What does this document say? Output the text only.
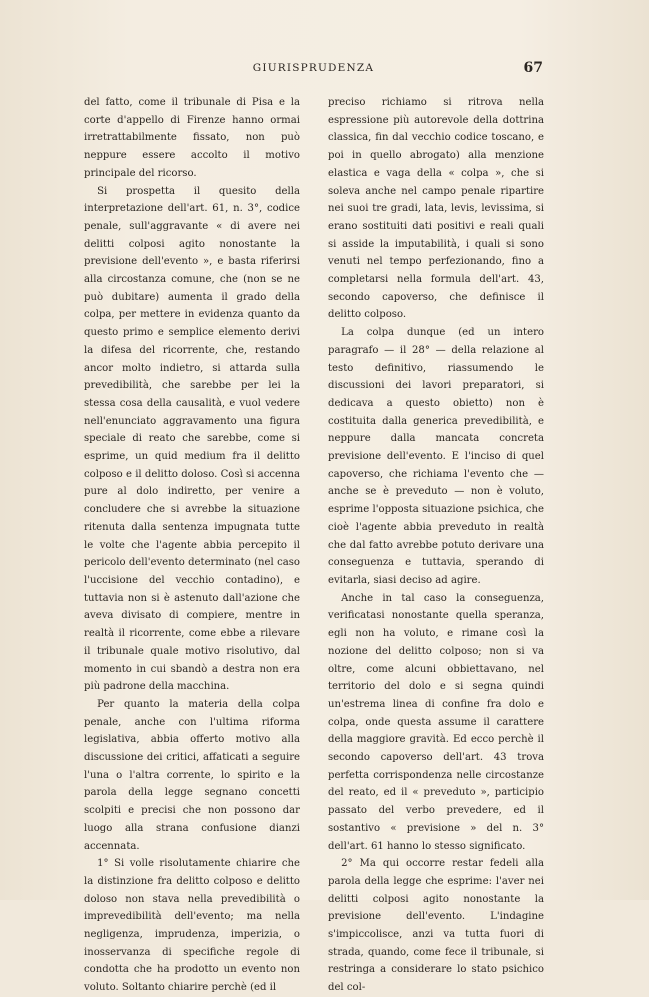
GIURISPRUDENZA	67

del fatto, come il tribunale di Pisa e la corte d'appello di Firenze hanno ormai irretrattabilmente fissato, non può neppure essere accolto il motivo principale del ricorso.

Si prospetta il quesito della interpretazione dell'art. 61, n. 3°, codice penale, sull'aggravante « di avere nei delitti colposi agito nonostante la previsione dell'evento », e basta riferirsi alla circostanza comune, che (non se ne può dubitare) aumenta il grado della colpa, per mettere in evidenza quanto da questo primo e semplice elemento derivi la difesa del ricorrente, che, restando ancor molto indietro, si attarda sulla prevedibilità, che sarebbe per lei la stessa cosa della causalità, e vuol vedere nell'enunciato aggravamento una figura speciale di reato che sarebbe, come si esprime, un quid medium fra il delitto colposo e il delitto doloso. Così si accenna pure al dolo indiretto, per venire a concludere che si avrebbe la situazione ritenuta dalla sentenza impugnata tutte le volte che l'agente abbia percepito il pericolo dell'evento determinato (nel caso l'uccisione del vecchio contadino), e tuttavia non si è astenuto dall'azione che aveva divisato di compiere, mentre in realtà il ricorrente, come ebbe a rilevare il tribunale quale motivo risolutivo, dal momento in cui sbandò a destra non era più padrone della macchina.

Per quanto la materia della colpa penale, anche con l'ultima riforma legislativa, abbia offerto motivo alla discussione dei critici, affaticati a seguire l'una o l'altra corrente, lo spirito e la parola della legge segnano concetti scolpiti e precisi che non possono dar luogo alla strana confusione dianzi accennata.

1° Si volle risolutamente chiarire che la distinzione fra delitto colposo e delitto doloso non stava nella prevedibilità o imprevedibilità dell'evento; ma nella negligenza, imprudenza, imperizia, o inosservanza di specifiche regole di condotta che ha prodotto un evento non voluto. Soltanto chiarire perchè (ed il

preciso richiamo si ritrova nella espressione più autorevole della dottrina classica, fin dal vecchio codice toscano, e poi in quello abrogato) alla menzione elastica e vaga della « colpa », che si soleva anche nel campo penale ripartire nei suoi tre gradi, lata, levis, levissima, si erano sostituiti dati positivi e reali quali si asside la imputabilità, i quali si sono venuti nel tempo perfezionando, fino a completarsi nella formula dell'art. 43, secondo capoverso, che definisce il delitto colposo.

La colpa dunque (ed un intero paragrafo — il 28° — della relazione al testo definitivo, riassumendo le discussioni dei lavori preparatori, si dedicava a questo obietto) non è costituita dalla generica prevedibilità, e neppure dalla mancata concreta previsione dell'evento. E l'inciso di quel capoverso, che richiama l'evento che — anche se è preveduto — non è voluto, esprime l'opposta situazione psichica, che cioè l'agente abbia preveduto in realtà che dal fatto avrebbe potuto derivare una conseguenza e tuttavia, sperando di evitarla, siasi deciso ad agire.

Anche in tal caso la conseguenza, verificatasi nonostante quella speranza, egli non ha voluto, e rimane così la nozione del delitto colposo; non si va oltre, come alcuni obbiettavano, nel territorio del dolo e si segna quindi un'estrema linea di confine fra dolo e colpa, onde questa assume il carattere della maggiore gravità. Ed ecco perchè il secondo capoverso dell'art. 43 trova perfetta corrispondenza nelle circostanze del reato, ed il « preveduto », participio passato del verbo prevedere, ed il sostantivo « previsione » del n. 3° dell'art. 61 hanno lo stesso significato.

2° Ma qui occorre restar fedeli alla parola della legge che esprime: l'aver nei delitti colposi agito nonostante la previsione dell'evento. L'indagine s'impiccolisce, anzi va tutta fuori di strada, quando, come fece il tribunale, si restringa a considerare lo stato psichico del col-
